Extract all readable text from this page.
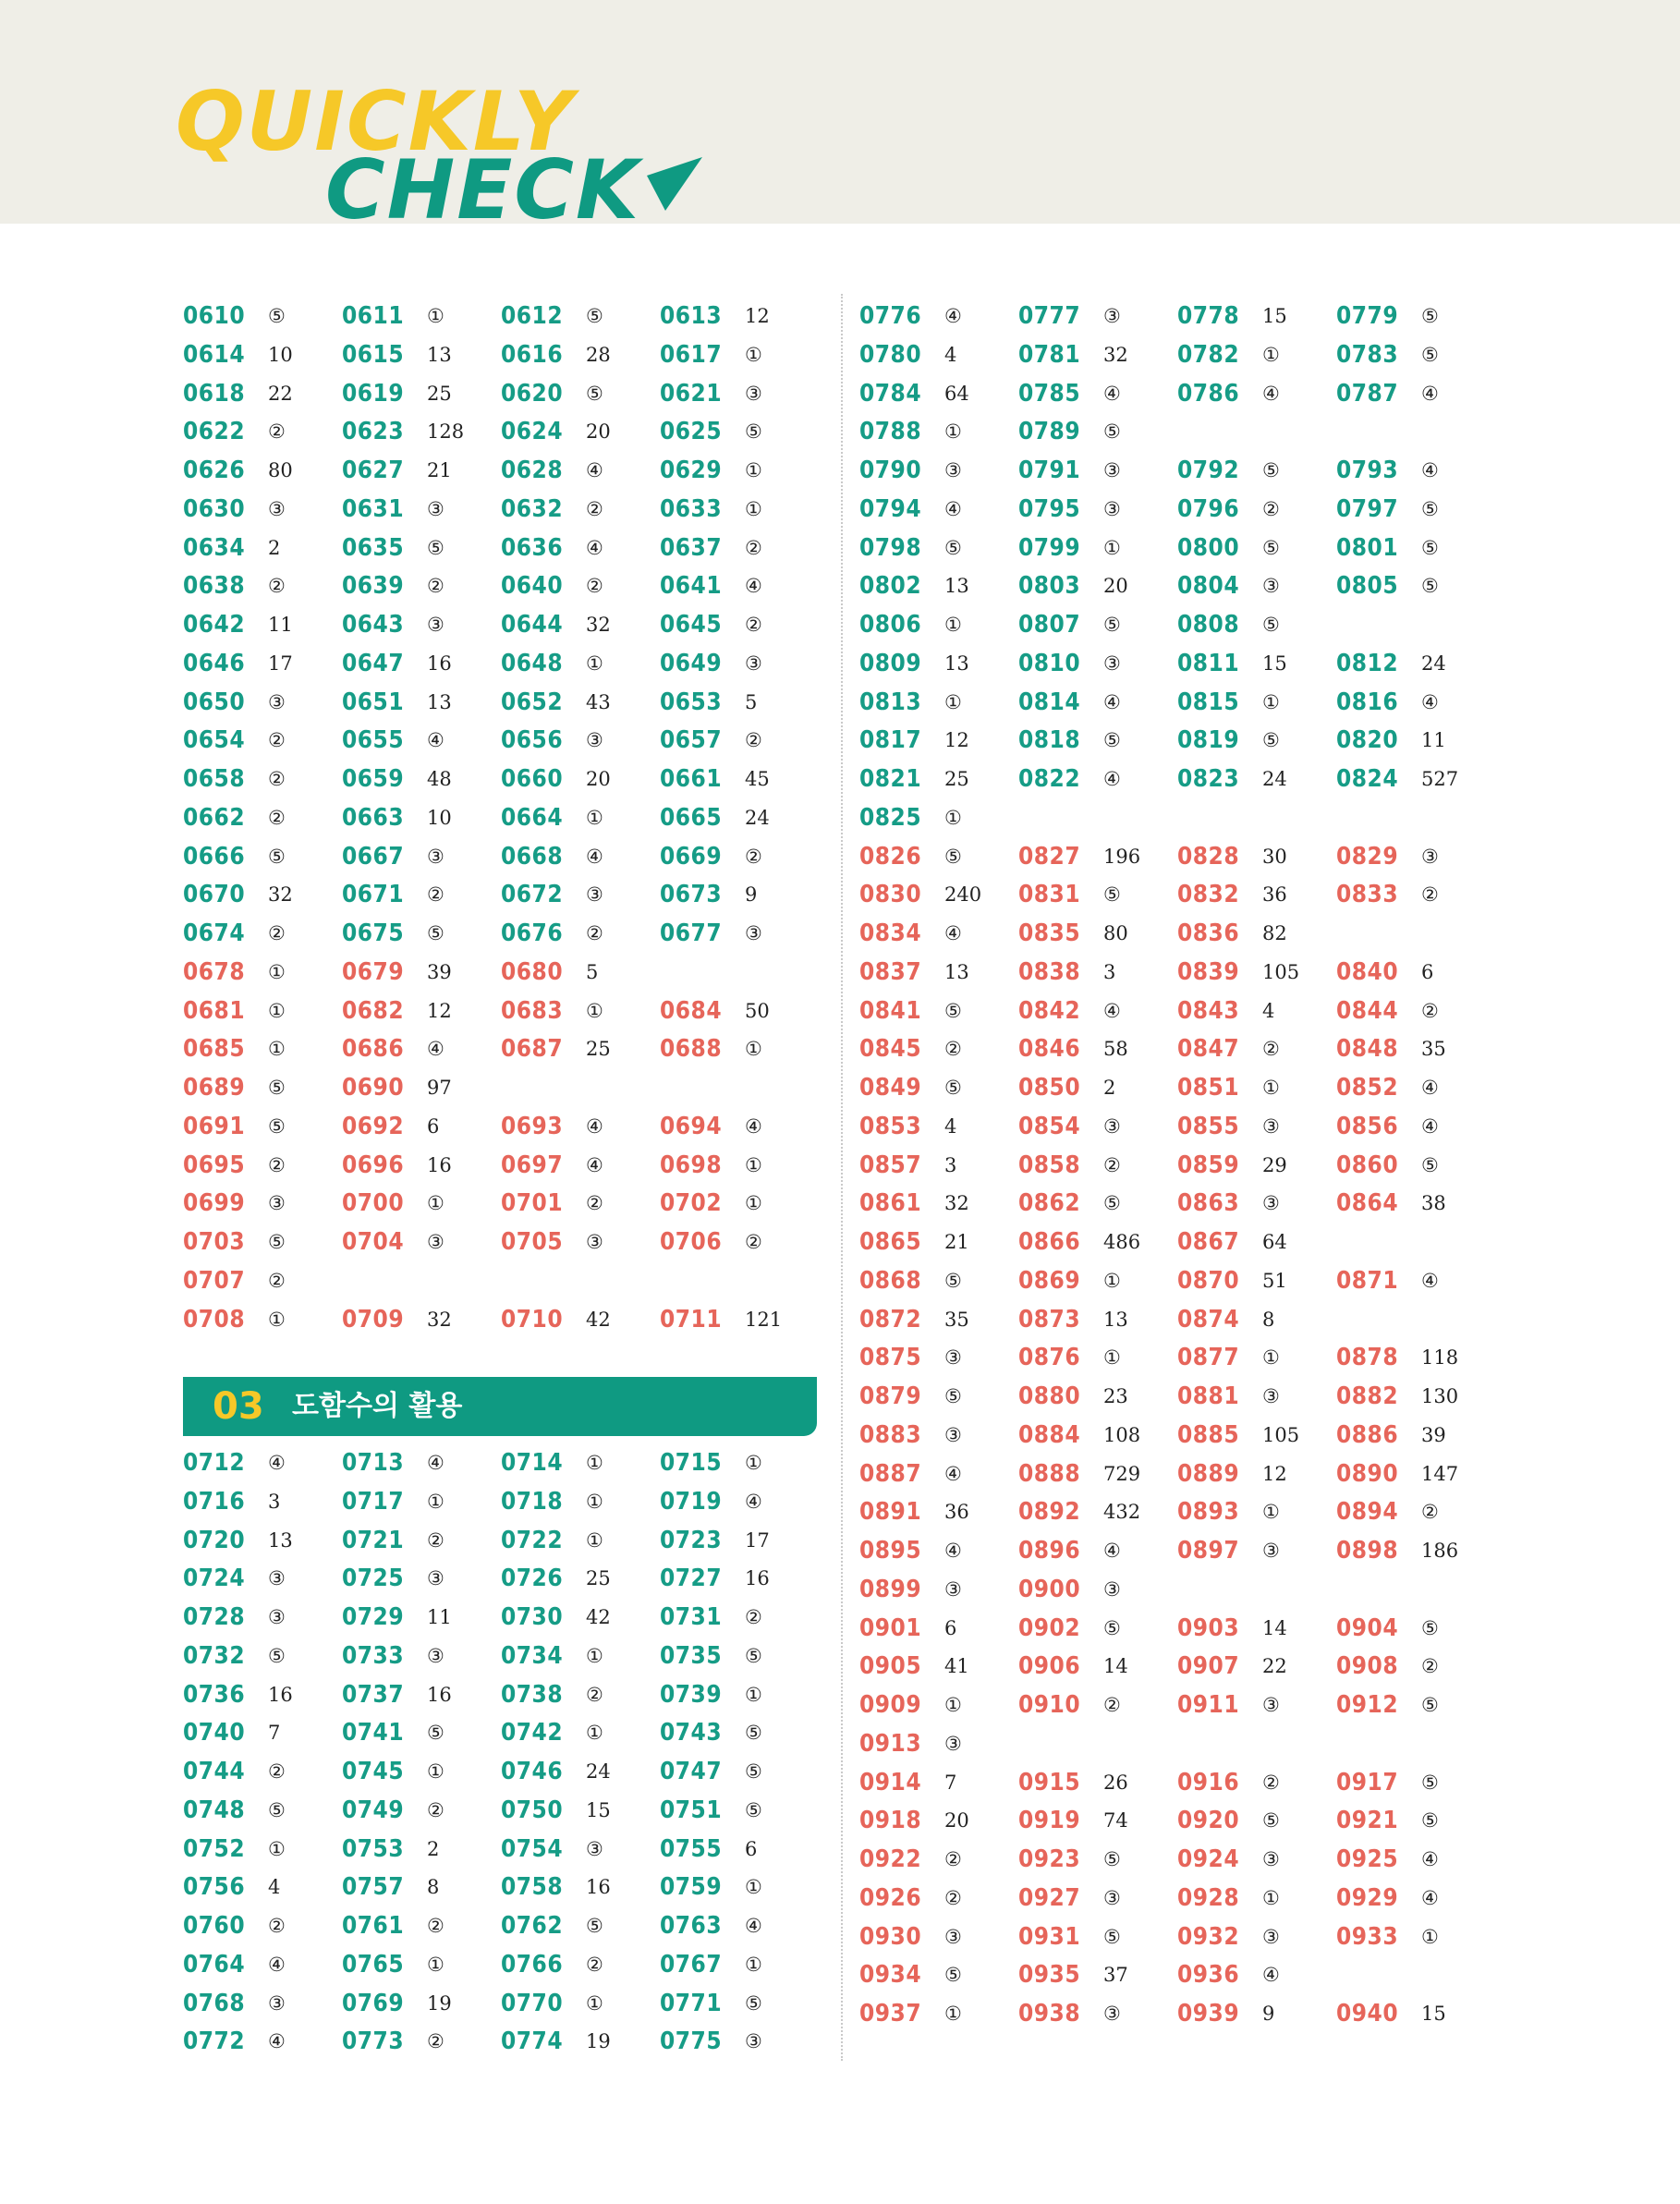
QUICKLY
CHECK
0610 ⑤ 0611 ① 0612 ⑤ 0613 12
0614 10 0615 13 0616 28 0617 ①
0618 22 0619 25 0620 ⑤ 0621 ③
0622 ② 0623 128 0624 20 0625 ⑤
0626 80 0627 21 0628 ④ 0629 ①
0630 ③ 0631 ③ 0632 ② 0633 ①
0634 2	0635 ⑤ 0636 ④ 0637 ②
0638 ② 0639 ② 0640 ② 0641 ④
0642 11 0643 ③ 0644 32 0645 ②
0646 17 0647 16 0648 ① 0649 ③
0650 ③ 0651 13 0652 43 0653 5
0654 ② 0655 ④ 0656 ③ 0657 ②
0658 ② 0659 48 0660 20 0661 45
0662 ② 0663 10 0664 ① 0665 24
0666 ⑤ 0667 ③ 0668 ④ 0669 ②
0670 32 0671 ② 0672 ③ 0673 9
0674 ② 0675 ⑤ 0676 ② 0677 ③
0678 ① 0679 39 0680 5
0681 ① 0682 12 0683 ① 0684 50
0685 ① 0686 ④ 0687 25 0688 ①
0689 ⑤ 0690 97
0691 ⑤ 0692 6	0693 ④ 0694 ④
0695 ② 0696 16 0697 ④ 0698 ①
0699 ③ 0700 ① 0701 ② 0702 ①
0703 ⑤ 0704 ③ 0705 ③ 0706 ②
0707 ②
0708 ① 0709 32 0710 42 0711 121
03 도함수의 활용
0712 ④ 0713 ④ 0714 ① 0715 ①
0716 3	0717 ① 0718 ① 0719 ④
0720 13 0721 ② 0722 ① 0723 17
0724 ③ 0725 ③ 0726 25 0727 16
0728 ③ 0729 11 0730 42 0731 ②
0732 ⑤ 0733 ③ 0734 ① 0735 ⑤
0736 16 0737 16 0738 ② 0739 ①
0740 7	0741 ⑤ 0742 ① 0743 ⑤
0744 ② 0745 ① 0746 24 0747 ⑤
0748 ⑤ 0749 ② 0750 15 0751 ⑤
0752 ① 0753 2	0754 ③ 0755 6
0756 4	0757 8	0758 16 0759 ①
0760 ② 0761 ② 0762 ⑤ 0763 ④
0764 ④ 0765 ① 0766 ② 0767 ①
0768 ③ 0769 19 0770 ① 0771 ⑤
0772 ④ 0773 ② 0774 19 0775 ③
0776 ④ 0777 ③ 0778 15 0779 ⑤
0780 4	0781 32 0782 ① 0783 ⑤
0784 64 0785 ④ 0786 ④ 0787 ④
0788 ① 0789 ⑤
0790 ③ 0791 ③ 0792 ⑤ 0793 ④
0794 ④ 0795 ③ 0796 ② 0797 ⑤
0798 ⑤ 0799 ① 0800 ⑤ 0801 ⑤
0802 13 0803 20 0804 ③ 0805 ⑤
0806 ① 0807 ⑤ 0808 ⑤
0809 13 0810 ③ 0811 15 0812 24
0813 ① 0814 ④ 0815 ① 0816 ④
0817 12 0818 ⑤ 0819 ⑤ 0820 11
0821 25 0822 ④ 0823 24 0824 527
0825 ①
0826 ⑤ 0827 196 0828 30 0829 ③
0830 240 0831 ⑤ 0832 36 0833 ②
0834 ④ 0835 80 0836 82
0837 13 0838 3	0839 105 0840 6
0841 ⑤ 0842 ④ 0843 4	0844 ②
0845 ② 0846 58 0847 ② 0848 35
0849 ⑤ 0850 2	0851 ① 0852 ④
0853 4	0854 ③ 0855 ③ 0856 ④
0857 3	0858 ② 0859 29 0860 ⑤
0861 32 0862 ⑤ 0863 ③ 0864 38
0865 21 0866 486 0867 64
0868 ⑤ 0869 ① 0870 51 0871 ④
0872 35 0873 13 0874 8
0875 ③ 0876 ① 0877 ① 0878 118
0879 ⑤ 0880 23 0881 ③ 0882 130
0883 ③ 0884 108 0885 105 0886 39
0887 ④ 0888 729 0889 12 0890 147
0891 36 0892 432 0893 ① 0894 ②
0895 ④ 0896 ④ 0897 ③ 0898 186
0899 ③ 0900 ③
0901 6	0902 ⑤ 0903 14 0904 ⑤
0905 41 0906 14 0907 22 0908 ②
0909 ① 0910 ② 0911 ③ 0912 ⑤
0913 ③
0914 7	0915 26 0916 ② 0917 ⑤
0918 20 0919 74 0920 ⑤ 0921 ⑤
0922 ② 0923 ⑤ 0924 ③ 0925 ④
0926 ② 0927 ③ 0928 ① 0929 ④
0930 ③ 0931 ⑤ 0932 ③ 0933 ①
0934 ⑤ 0935 37 0936 ④
0937 ① 0938 ③ 0939 9	0940 15
